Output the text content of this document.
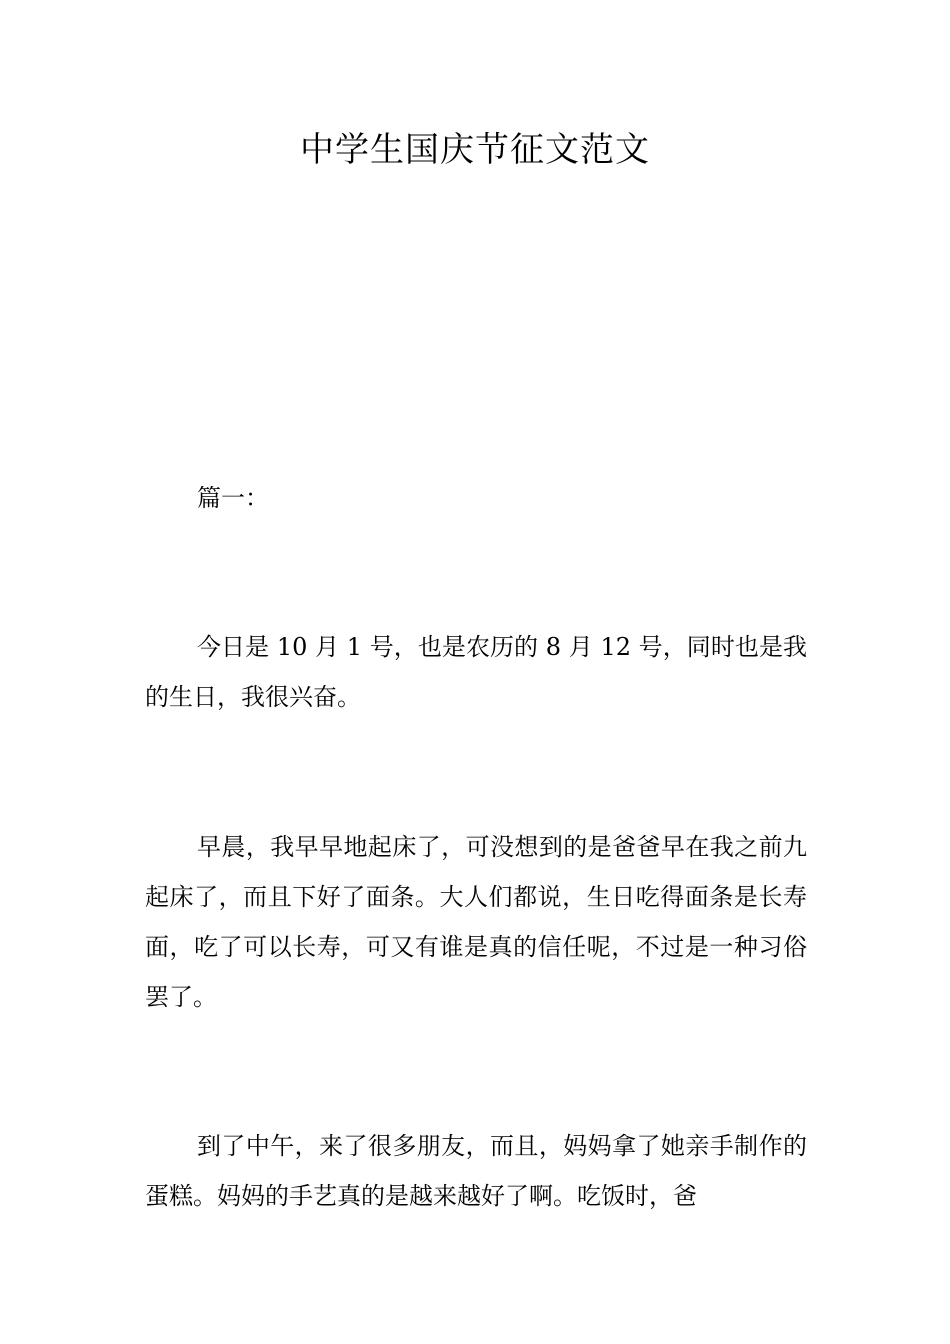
中学生国庆节征文范文

篇一：

今日是 10 月 1 号，也是农历的 8 月 12 号，同时也是我的生日，我很兴奋。

早晨，我早早地起床了，可没想到的是爸爸早在我之前九起床了，而且下好了面条。大人们都说，生日吃得面条是长寿面，吃了可以长寿，可又有谁是真的信任呢，不过是一种习俗罢了。

到了中午，来了很多朋友，而且，妈妈拿了她亲手制作的蛋糕。妈妈的手艺真的是越来越好了啊。吃饭时，爸
